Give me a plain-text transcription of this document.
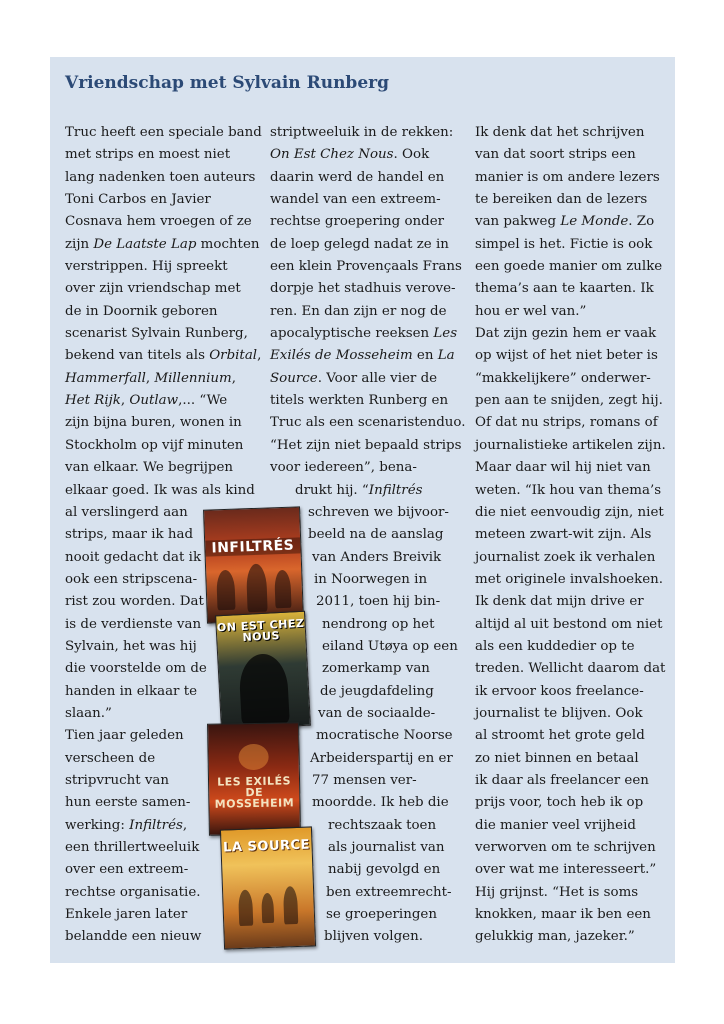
Vriendschap met Sylvain Runberg
Truc heeft een speciale band
met strips en moest niet
lang nadenken toen auteurs
Toni Carbos en Javier
Cosnava hem vroegen of ze
zijn De Laatste Lap mochten
verstrippen. Hij spreekt
over zijn vriendschap met
de in Doornik geboren
scenarist Sylvain Runberg,
bekend van titels als Orbital,
Hammerfall, Millennium,
Het Rijk, Outlaw,... “We
zijn bijna buren, wonen in
Stockholm op vijf minuten
van elkaar. We begrijpen
elkaar goed. Ik was als kind
al verslingerd aan
strips, maar ik had
nooit gedacht dat ik
ook een stripscena-
rist zou worden. Dat
is de verdienste van
Sylvain, het was hij
die voorstelde om de
handen in elkaar te
slaan.”
Tien jaar geleden
verscheen de
stripvrucht van
hun eerste samen-
werking: Infiltrés,
een thrillertweeluik
over een extreem-
rechtse organisatie.
Enkele jaren later
belandde een nieuw
striptweeluik in de rekken:
On Est Chez Nous. Ook
daarin werd de handel en
wandel van een extreem-
rechtse groepering onder
de loep gelegd nadat ze in
een klein Provençaals Frans
dorpje het stadhuis verove-
ren. En dan zijn er nog de
apocalyptische reeksen Les
Exilés de Mosseheim en La
Source. Voor alle vier de
titels werkten Runberg en
Truc als een scenaristenduo.
“Het zijn niet bepaald strips
voor iedereen”, bena-
drukt hij. “Infiltrés
schreven we bijvoor-
beeld na de aanslag
van Anders Breivik
in Noorwegen in
2011, toen hij bin-
nendrong op het
eiland Utøya op een
zomerkamp van
de jeugdafdeling
van de sociaalde-
mocratische Noorse
Arbeiderspartij en er
77 mensen ver-
moordde. Ik heb die
rechtszaak toen
als journalist van
nabij gevolgd en
ben extreemrecht-
se groeperingen
blijven volgen.
Ik denk dat het schrijven
van dat soort strips een
manier is om andere lezers
te bereiken dan de lezers
van pakweg Le Monde. Zo
simpel is het. Fictie is ook
een goede manier om zulke
thema’s aan te kaarten. Ik
hou er wel van.”
Dat zijn gezin hem er vaak
op wijst of het niet beter is
“makkelijkere” onderwer-
pen aan te snijden, zegt hij.
Of dat nu strips, romans of
journalistieke artikelen zijn.
Maar daar wil hij niet van
weten. “Ik hou van thema’s
die niet eenvoudig zijn, niet
meteen zwart-wit zijn. Als
journalist zoek ik verhalen
met originele invalshoeken.
Ik denk dat mijn drive er
altijd al uit bestond om niet
als een kuddedier op te
treden. Wellicht daarom dat
ik ervoor koos freelance-
journalist te blijven. Ook
al stroomt het grote geld
zo niet binnen en betaal
ik daar als freelancer een
prijs voor, toch heb ik op
die manier veel vrijheid
verworven om te schrijven
over wat me interesseert.”
Hij grijnst. “Het is soms
knokken, maar ik ben een
gelukkig man, jazeker.”
INFILTRÉS
ON EST CHEZ NOUS
LES EXILÉS DE MOSSEHEIM
LA SOURCE
